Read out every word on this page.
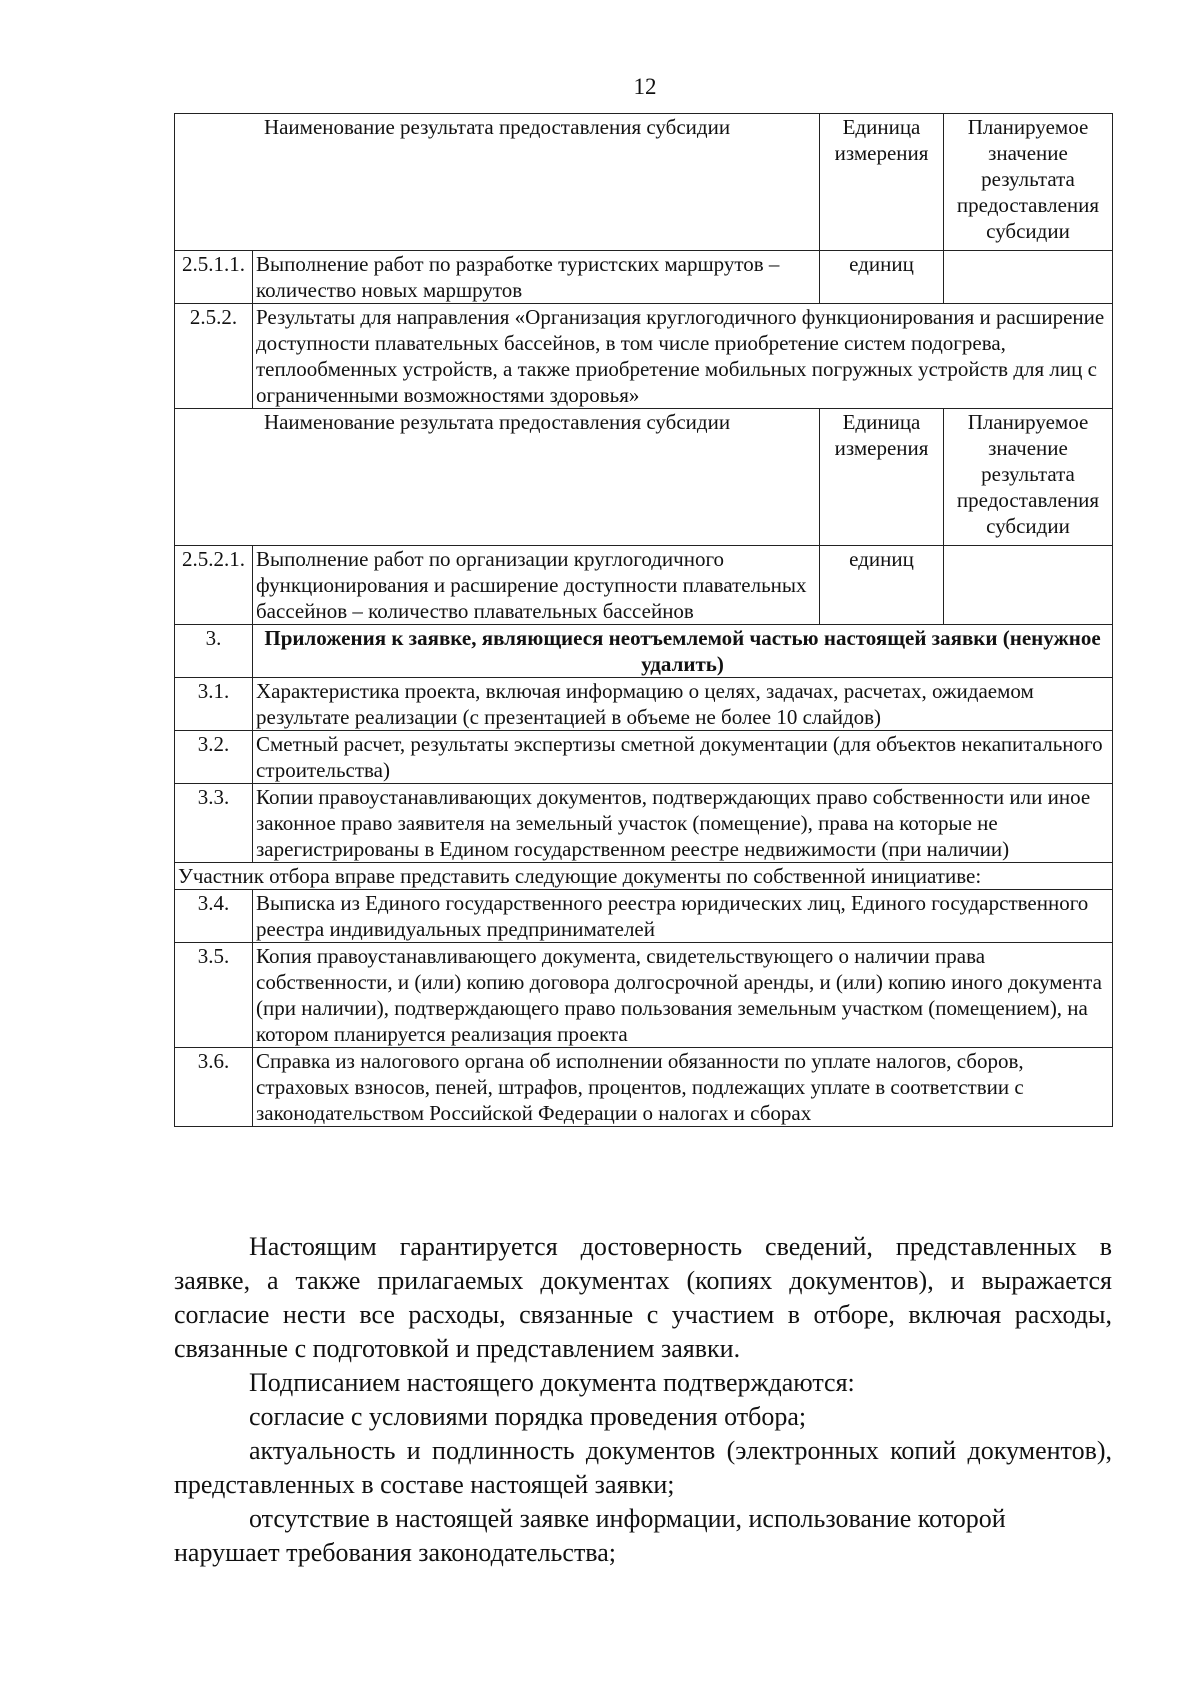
12
Наименование результата предоставления субсидии		Единица измерения	Планируемое значение результата предоставления субсидии
2.5.1.1.	Выполнение работ по разработке туристских маршрутов – количество новых маршрутов	единиц	
2.5.2.	Результаты для направления «Организация круглогодичного функционирования и расширение доступности плавательных бассейнов, в том числе приобретение систем подогрева, теплообменных устройств, а также приобретение мобильных погружных устройств для лиц с ограниченными возможностями здоровья»		
Наименование результата предоставления субсидии		Единица измерения	Планируемое значение результата предоставления субсидии
2.5.2.1.	Выполнение работ по организации круглогодичного функционирования и расширение доступности плавательных бассейнов – количество плавательных бассейнов	единиц	
3.	Приложения к заявке, являющиеся неотъемлемой частью настоящей заявки (ненужное удалить)		
3.1.	Характеристика проекта, включая информацию о целях, задачах, расчетах, ожидаемом результате реализации (с презентацией в объеме не более 10 слайдов)		
3.2.	Сметный расчет, результаты экспертизы сметной документации (для объектов некапитального строительства)		
3.3.	Копии правоустанавливающих документов, подтверждающих право собственности или иное законное право заявителя на земельный участок (помещение), права на которые не зарегистрированы в Едином государственном реестре недвижимости (при наличии)		
Участник отбора вправе представить следующие документы по собственной инициативе:			
3.4.	Выписка из Единого государственного реестра юридических лиц, Единого государственного реестра индивидуальных предпринимателей		
3.5.	Копия правоустанавливающего документа, свидетельствующего о наличии права собственности, и (или) копию договора долгосрочной аренды, и (или) копию иного документа (при наличии), подтверждающего право пользования земельным участком (помещением), на котором планируется реализация проекта		
3.6.	Справка из налогового органа об исполнении обязанности по уплате налогов, сборов, страховых взносов, пеней, штрафов, процентов, подлежащих уплате в соответствии с законодательством Российской Федерации о налогах и сборах		

Настоящим гарантируется достоверность сведений, представленных в заявке, а также прилагаемых документах (копиях документов), и выражается согласие нести все расходы, связанные с участием в отборе, включая расходы, связанные с подготовкой и представлением заявки.

Подписанием настоящего документа подтверждаются:

согласие с условиями порядка проведения отбора;

актуальность и подлинность документов (электронных копий документов), представленных в составе настоящей заявки;

отсутствие в настоящей заявке информации, использование которой нарушает требования законодательства;
